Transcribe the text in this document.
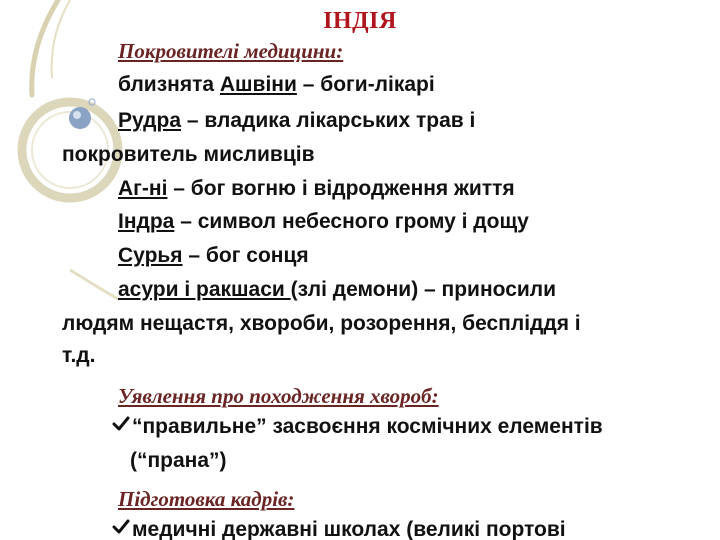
ІНДІЯ
Покровителі медицини:
близнята Ашвіни – боги-лікарі
Рудра – владика лікарських трав і
покровитель мисливців
Аг-ні – бог вогню і відродження життя
Індра – символ небесного грому і дощу
Сурья – бог сонця
асури і ракшаси (злі демони) – приносили
людям нещастя, хвороби, розорення, бесплiддя і
т.д.
Уявлення про походження хвороб:
“правильне” засвоєння космічних елементів
(“прана”)
Підготовка кадрів:
медичні державні школах (великі портові
